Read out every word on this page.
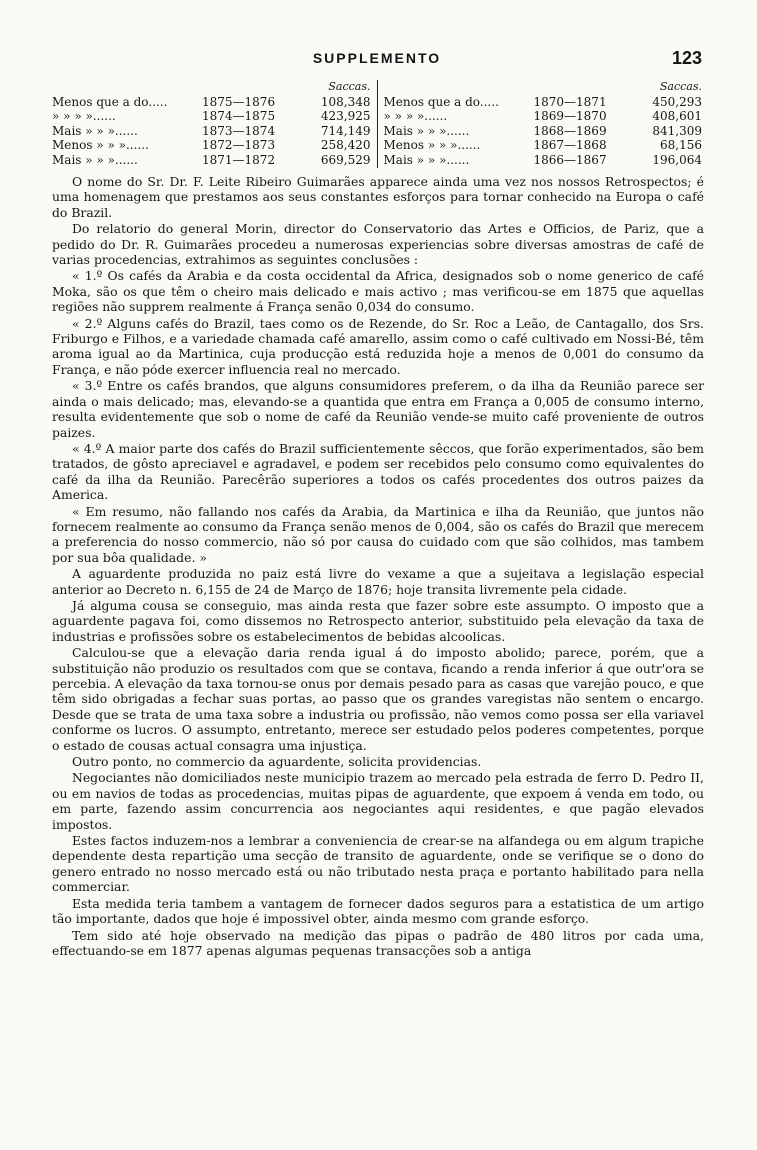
SUPPLEMENTO	123
Saccas.
Menos que a do.....	1875—1876	108,348
» » » »......	1874—1875	423,925
Mais » » »......	1873—1874	714,149
Menos » » »......	1872—1873	258,420
Mais » » »......	1871—1872	669,529
Saccas.
Menos que a do.....	1870—1871	450,293
» » » »......	1869—1870	408,601
Mais » » »......	1868—1869	841,309
Menos » » »......	1867—1868	68,156
Mais » » »......	1866—1867	196,064

O nome do Sr. Dr. F. Leite Ribeiro Guimarães apparece ainda uma vez nos nossos Retrospectos; é uma homenagem que prestamos aos seus constantes esforços para tornar conhecido na Europa o café do Brazil.

Do relatorio do general Morin, director do Conservatorio das Artes e Officios, de Pariz, que a pedido do Dr. R. Guimarães procedeu a numerosas experiencias sobre diversas amostras de café de varias procedencias, extrahimos as seguintes conclusões :

« 1.º Os cafés da Arabia e da costa occidental da Africa, designados sob o nome generico de café Moka, são os que têm o cheiro mais delicado e mais activo ; mas verificou-se em 1875 que aquellas regiões não supprem realmente á França senão 0,034 do consumo.

« 2.º Alguns cafés do Brazil, taes como os de Rezende, do Sr. Roc a Leão, de Cantagallo, dos Srs. Friburgo e Filhos, e a variedade chamada café amarello, assim como o café cultivado em Nossi-Bé, têm aroma igual ao da Martinica, cuja producção está reduzida hoje a menos de 0,001 do consumo da França, e não póde exercer influencia real no mercado.

« 3.º Entre os cafés brandos, que alguns consumidores preferem, o da ilha da Reunião parece ser ainda o mais delicado; mas, elevando-se a quantida que entra em França a 0,005 de consumo interno, resulta evidentemente que sob o nome de café da Reunião vende-se muito café proveniente de outros paizes.

« 4.º A maior parte dos cafés do Brazil sufficientemente sêccos, que forão experimentados, são bem tratados, de gôsto apreciavel e agradavel, e podem ser recebidos pelo consumo como equivalentes do café da ilha da Reunião. Parecêrão superiores a todos os cafés procedentes dos outros paizes da America.

« Em resumo, não fallando nos cafés da Arabia, da Martinica e ilha da Reunião, que juntos não fornecem realmente ao consumo da França senão menos de 0,004, são os cafés do Brazil que merecem a preferencia do nosso commercio, não só por causa do cuidado com que são colhidos, mas tambem por sua bôa qualidade. »

A aguardente produzida no paiz está livre do vexame a que a sujeitava a legislação especial anterior ao Decreto n. 6,155 de 24 de Março de 1876; hoje transita livremente pela cidade.

Já alguma cousa se conseguio, mas ainda resta que fazer sobre este assumpto. O imposto que a aguardente pagava foi, como dissemos no Retrospecto anterior, substituido pela elevação da taxa de industrias e profissões sobre os estabelecimentos de bebidas alcoolicas.

Calculou-se que a elevação daria renda igual á do imposto abolido; parece, porém, que a substituição não produzio os resultados com que se contava, ficando a renda inferior á que outr'ora se percebia. A elevação da taxa tornou-se onus por demais pesado para as casas que varejão pouco, e que têm sido obrigadas a fechar suas portas, ao passo que os grandes varegistas não sentem o encargo. Desde que se trata de uma taxa sobre a industria ou profissão, não vemos como possa ser ella variavel conforme os lucros. O assumpto, entretanto, merece ser estudado pelos poderes competentes, porque o estado de cousas actual consagra uma injustiça.

Outro ponto, no commercio da aguardente, solicita providencias.

Negociantes não domiciliados neste municipio trazem ao mercado pela estrada de ferro D. Pedro II, ou em navios de todas as procedencias, muitas pipas de aguardente, que expoem á venda em todo, ou em parte, fazendo assim concurrencia aos negociantes aqui residentes, e que pagão elevados impostos.

Estes factos induzem-nos a lembrar a conveniencia de crear-se na alfandega ou em algum trapiche dependente desta repartição uma secção de transito de aguardente, onde se verifique se o dono do genero entrado no nosso mercado está ou não tributado nesta praça e portanto habilitado para nella commerciar.

Esta medida teria tambem a vantagem de fornecer dados seguros para a estatistica de um artigo tão importante, dados que hoje é impossivel obter, ainda mesmo com grande esforço.

Tem sido até hoje observado na medição das pipas o padrão de 480 litros por cada uma, effectuando-se em 1877 apenas algumas pequenas transacções sob a antiga
